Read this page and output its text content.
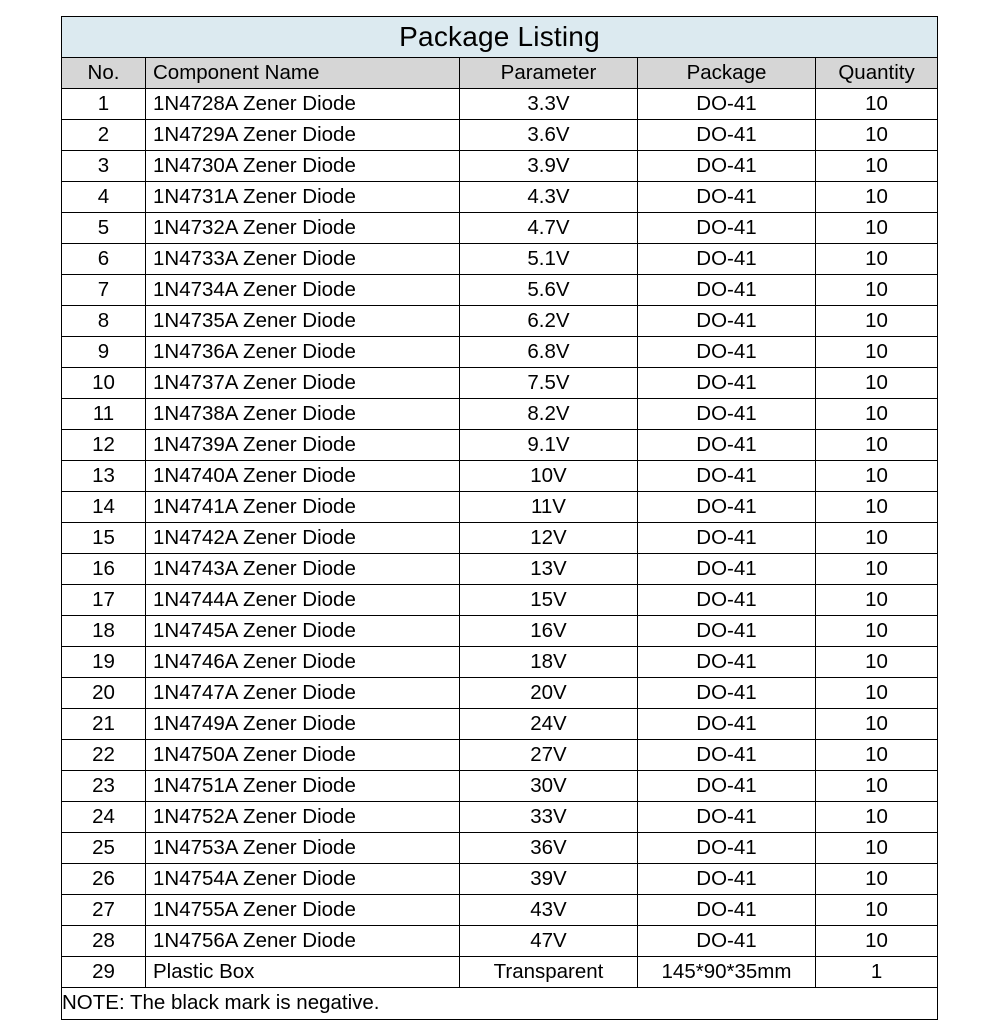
Package Listing				
No.	Component Name	Parameter	Package	Quantity
1	1N4728A Zener Diode	3.3V	DO-41	10
2	1N4729A Zener Diode	3.6V	DO-41	10
3	1N4730A Zener Diode	3.9V	DO-41	10
4	1N4731A Zener Diode	4.3V	DO-41	10
5	1N4732A Zener Diode	4.7V	DO-41	10
6	1N4733A Zener Diode	5.1V	DO-41	10
7	1N4734A Zener Diode	5.6V	DO-41	10
8	1N4735A Zener Diode	6.2V	DO-41	10
9	1N4736A Zener Diode	6.8V	DO-41	10
10	1N4737A Zener Diode	7.5V	DO-41	10
11	1N4738A Zener Diode	8.2V	DO-41	10
12	1N4739A Zener Diode	9.1V	DO-41	10
13	1N4740A Zener Diode	10V	DO-41	10
14	1N4741A Zener Diode	11V	DO-41	10
15	1N4742A Zener Diode	12V	DO-41	10
16	1N4743A Zener Diode	13V	DO-41	10
17	1N4744A Zener Diode	15V	DO-41	10
18	1N4745A Zener Diode	16V	DO-41	10
19	1N4746A Zener Diode	18V	DO-41	10
20	1N4747A Zener Diode	20V	DO-41	10
21	1N4749A Zener Diode	24V	DO-41	10
22	1N4750A Zener Diode	27V	DO-41	10
23	1N4751A Zener Diode	30V	DO-41	10
24	1N4752A Zener Diode	33V	DO-41	10
25	1N4753A Zener Diode	36V	DO-41	10
26	1N4754A Zener Diode	39V	DO-41	10
27	1N4755A Zener Diode	43V	DO-41	10
28	1N4756A Zener Diode	47V	DO-41	10
29	Plastic Box	Transparent	145*90*35mm	1
NOTE: The black mark is negative.				
